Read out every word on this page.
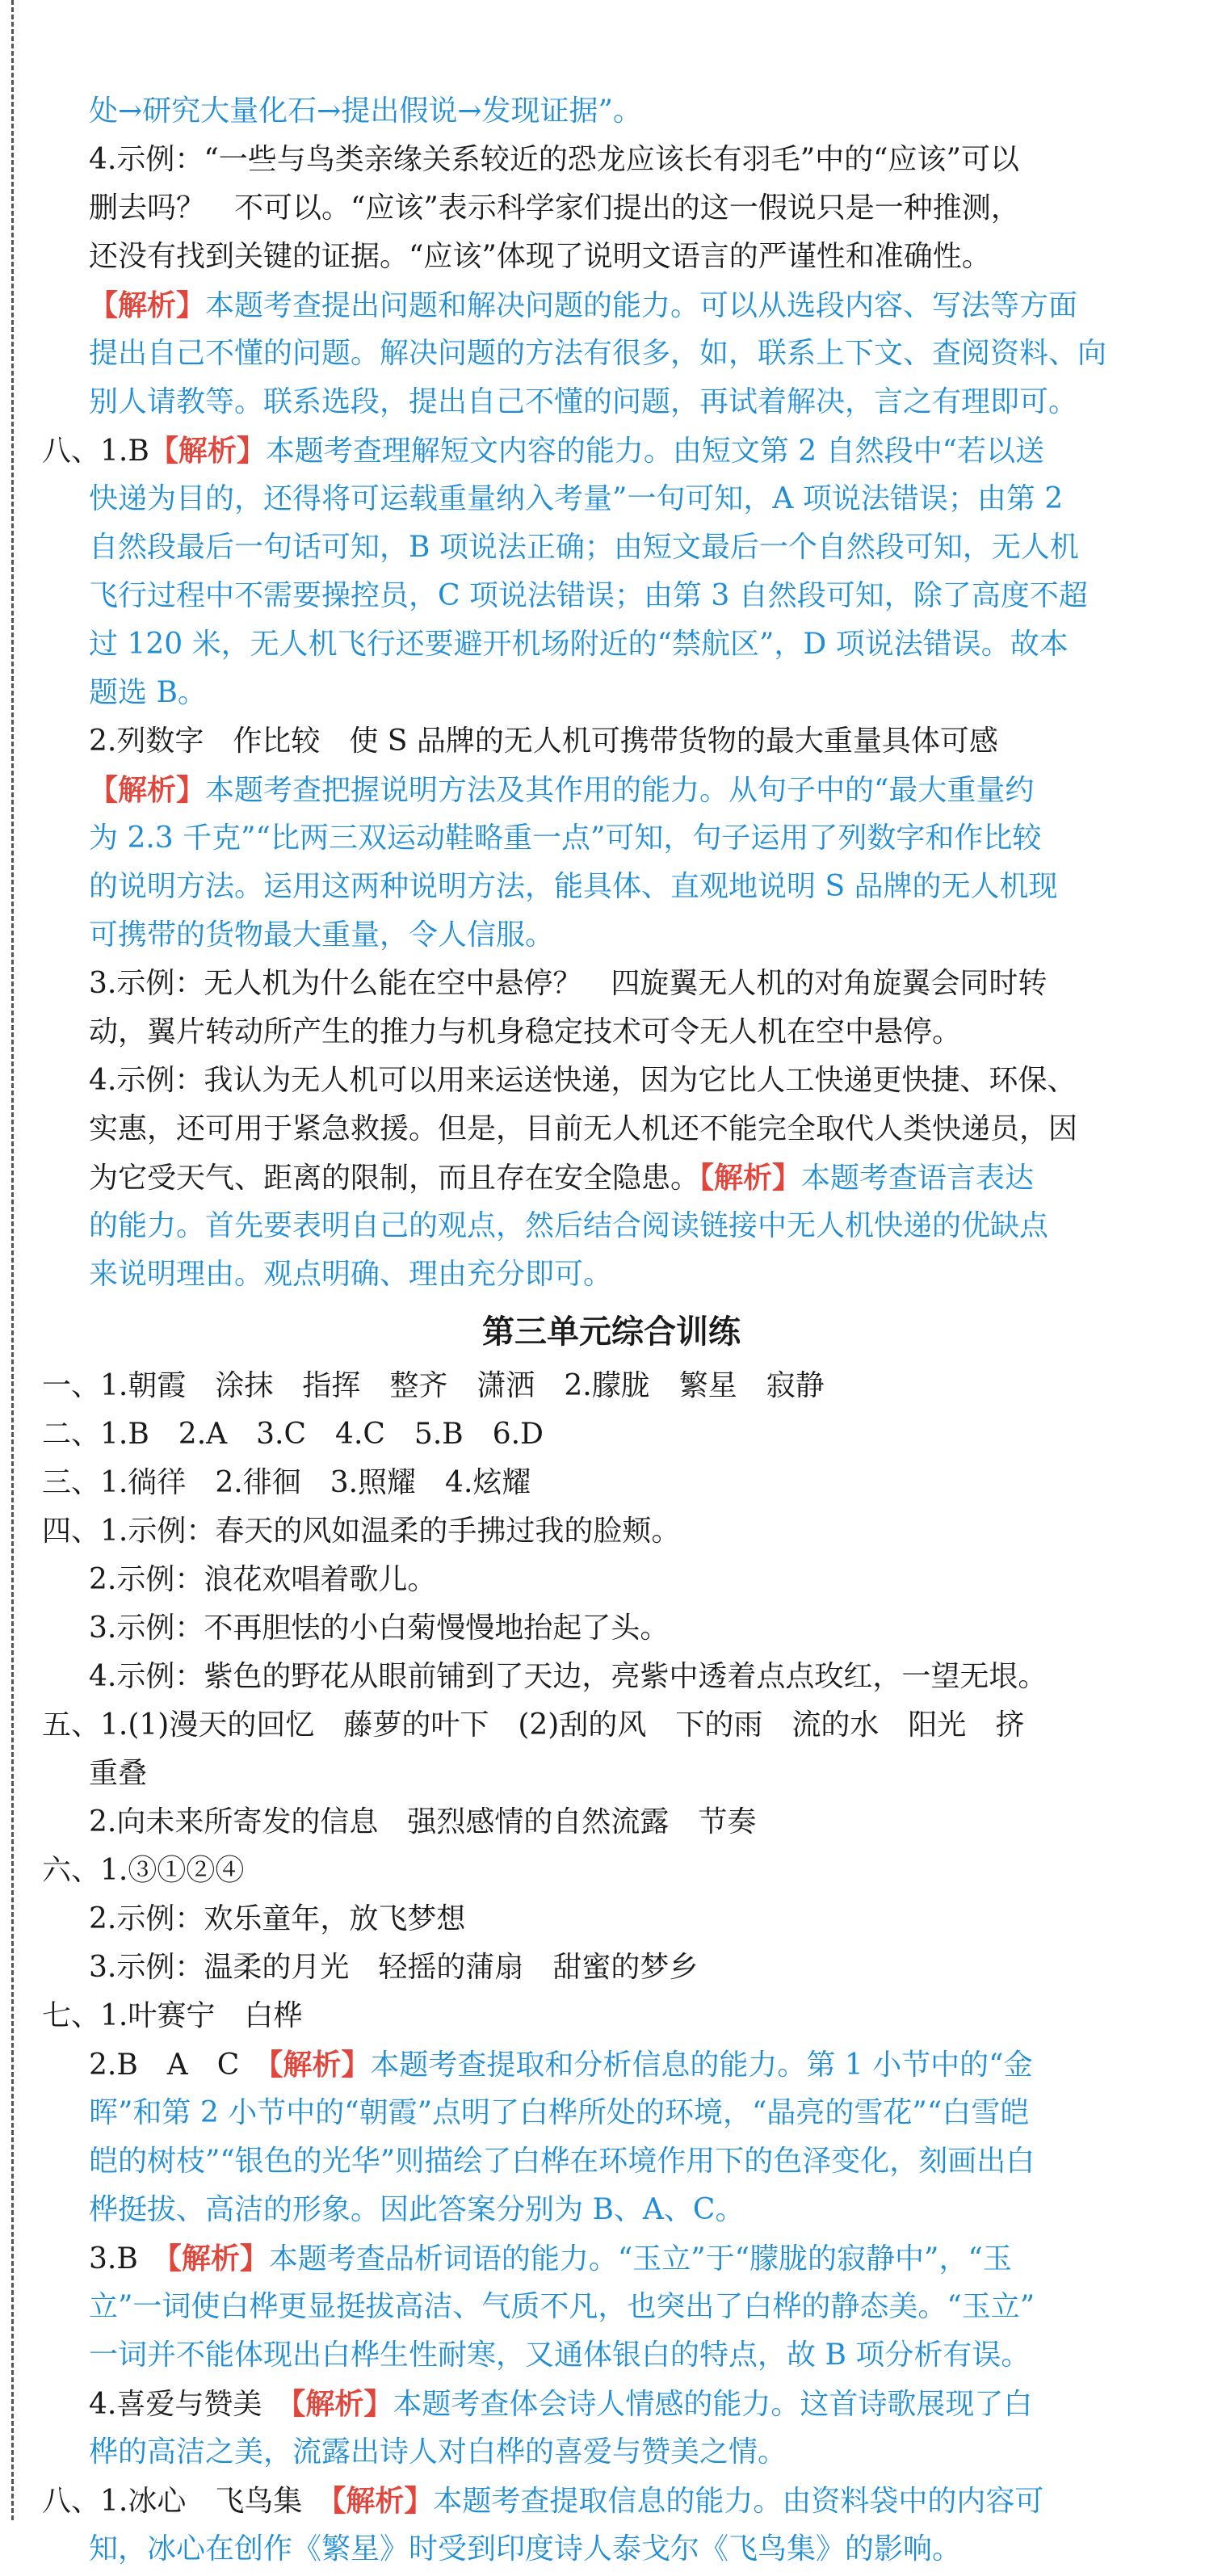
处→研究大量化石→提出假说→发现证据”。
4.示例：“一些与鸟类亲缘关系较近的恐龙应该长有羽毛”中的“应该”可以
删去吗？　不可以。“应该”表示科学家们提出的这一假说只是一种推测，
还没有找到关键的证据。“应该”体现了说明文语言的严谨性和准确性。
【解析】本题考查提出问题和解决问题的能力。可以从选段内容、写法等方面
提出自己不懂的问题。解决问题的方法有很多，如，联系上下文、查阅资料、向
别人请教等。联系选段，提出自己不懂的问题，再试着解决，言之有理即可。
八、1.B【解析】本题考查理解短文内容的能力。由短文第 2 自然段中“若以送
快递为目的，还得将可运载重量纳入考量”一句可知，A 项说法错误；由第 2
自然段最后一句话可知，B 项说法正确；由短文最后一个自然段可知，无人机
飞行过程中不需要操控员，C 项说法错误；由第 3 自然段可知，除了高度不超
过 120 米，无人机飞行还要避开机场附近的“禁航区”，D 项说法错误。故本
题选 B。
2.列数字　作比较　使 S 品牌的无人机可携带货物的最大重量具体可感
【解析】本题考查把握说明方法及其作用的能力。从句子中的“最大重量约
为 2.3 千克”“比两三双运动鞋略重一点”可知，句子运用了列数字和作比较
的说明方法。运用这两种说明方法，能具体、直观地说明 S 品牌的无人机现
可携带的货物最大重量，令人信服。
3.示例：无人机为什么能在空中悬停？　四旋翼无人机的对角旋翼会同时转
动，翼片转动所产生的推力与机身稳定技术可令无人机在空中悬停。
4.示例：我认为无人机可以用来运送快递，因为它比人工快递更快捷、环保、
实惠，还可用于紧急救援。但是，目前无人机还不能完全取代人类快递员，因
为它受天气、距离的限制，而且存在安全隐患。【解析】本题考查语言表达
的能力。首先要表明自己的观点，然后结合阅读链接中无人机快递的优缺点
来说明理由。观点明确、理由充分即可。
第三单元综合训练
一、1.朝霞　涂抹　指挥　整齐　潇洒　2.朦胧　繁星　寂静
二、1.B　2.A　3.C　4.C　5.B　6.D
三、1.徜徉　2.徘徊　3.照耀　4.炫耀
四、1.示例：春天的风如温柔的手拂过我的脸颊。
2.示例：浪花欢唱着歌儿。
3.示例：不再胆怯的小白菊慢慢地抬起了头。
4.示例：紫色的野花从眼前铺到了天边，亮紫中透着点点玫红，一望无垠。
五、1.(1)漫天的回忆　藤萝的叶下　(2)刮的风　下的雨　流的水　阳光　挤
重叠
2.向未来所寄发的信息　强烈感情的自然流露　节奏
六、1.③①②④
2.示例：欢乐童年，放飞梦想
3.示例：温柔的月光　轻摇的蒲扇　甜蜜的梦乡
七、1.叶赛宁　白桦
2.B　A　C　 【解析】本题考查提取和分析信息的能力。第 1 小节中的“金
晖”和第 2 小节中的“朝霞”点明了白桦所处的环境，“晶亮的雪花”“白雪皑
皑的树枝”“银色的光华”则描绘了白桦在环境作用下的色泽变化，刻画出白
桦挺拔、高洁的形象。因此答案分别为 B、A、C。
3.B　 【解析】本题考查品析词语的能力。“玉立”于“朦胧的寂静中”，“玉
立”一词使白桦更显挺拔高洁、气质不凡，也突出了白桦的静态美。“玉立”
一词并不能体现出白桦生性耐寒，又通体银白的特点，故 B 项分析有误。
4.喜爱与赞美　 【解析】本题考查体会诗人情感的能力。这首诗歌展现了白
桦的高洁之美，流露出诗人对白桦的喜爱与赞美之情。
八、1.冰心　飞鸟集　 【解析】本题考查提取信息的能力。由资料袋中的内容可
知，冰心在创作《繁星》时受到印度诗人泰戈尔《飞鸟集》的影响。
